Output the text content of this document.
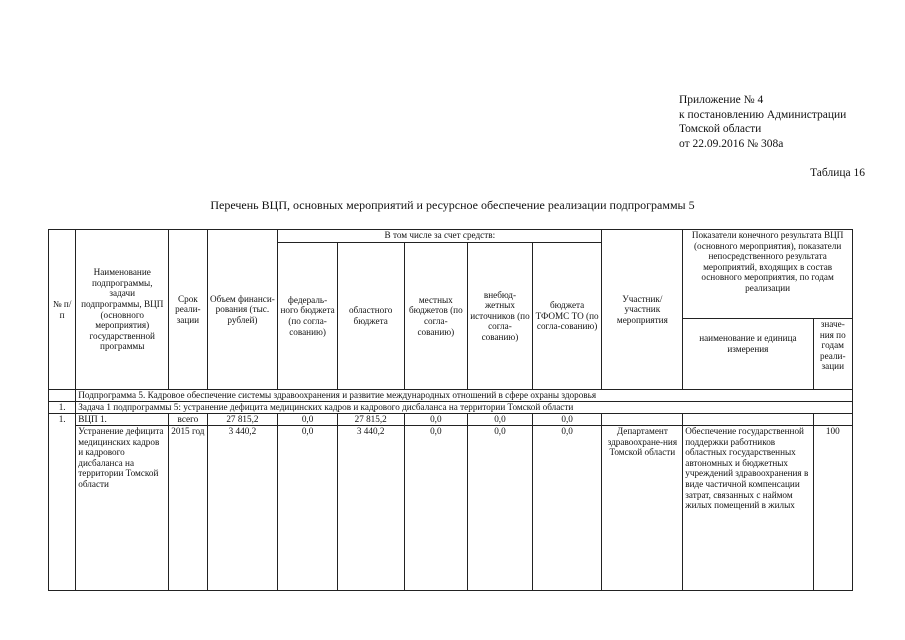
Приложение № 4
к постановлению Администрации
Томской области
от 22.09.2016 № 308а
Таблица 16
Перечень ВЦП, основных мероприятий и ресурсное обеспечение реализации подпрограммы 5
№ п/п	Наименование подпрограммы, задачи подпрограммы, ВЦП (основного мероприятия) государственной программы	Срок реали-зации	Объем финанси-рования (тыс. рублей)	В том числе за счет средств:					Участник/ участник мероприятия	Показатели конечного результата ВЦП (основного мероприятия), показатели непосредственного результата мероприятий, входящих в состав основного мероприятия, по годам реализации	
				федераль-ного бюджета (по согла-сованию)	областного бюджета	местных бюджетов (по согла-сованию)	внебюд-жетных источников (по согла-сованию)	бюджета ТФОМС ТО (по согла-сованию)			
										наименование и единица измерения	значе-ния по годам реали-зации
	Подпрограмма 5. Кадровое обеспечение системы здравоохранения и развитие международных отношений в сфере охраны здоровья										
1.	Задача 1 подпрограммы 5: устранение дефицита медицинских кадров и кадрового дисбаланса на территории Томской области										
1.	ВЦП 1.	всего	27 815,2	0,0	27 815,2	0,0	0,0	0,0			
	Устранение дефицита медицинских кадров и кадрового дисбаланса на территории Томской области	2015 год	3 440,2	0,0	3 440,2	0,0	0,0	0,0	Департамент здравоохране-ния Томской области	Обеспечение государственной поддержки работников областных государственных автономных и бюджетных учреждений здравоохранения в виде частичной компенсации затрат, связанных с наймом жилых помещений в жилых	100
